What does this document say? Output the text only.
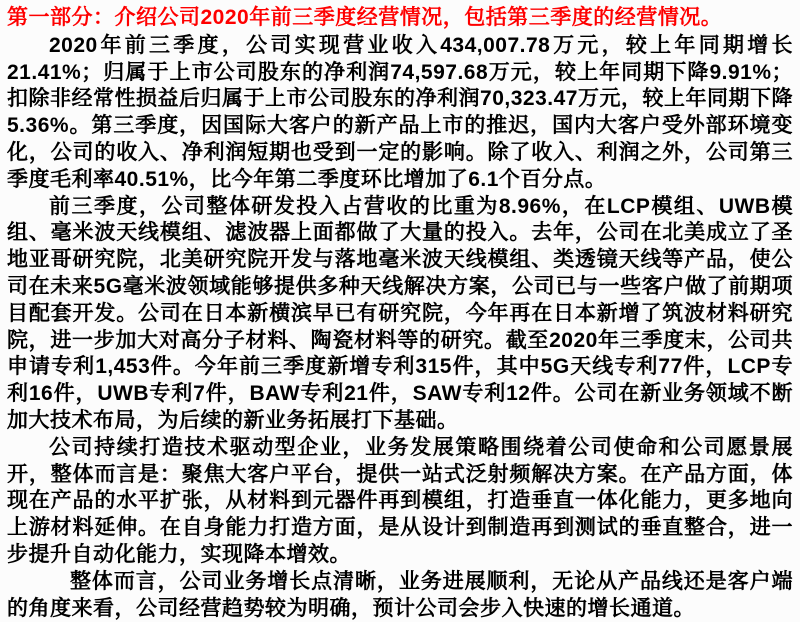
第一部分：介绍公司2020年前三季度经营情况，包括第三季度的经营情况。

2020年前三季度，公司实现营业收入434,007.78万元，较上年同期增长21.41%；归属于上市公司股东的净利润74,597.68万元，较上年同期下降9.91%；扣除非经常性损益后归属于上市公司股东的净利润70,323.47万元，较上年同期下降5.36%。第三季度，因国际大客户的新产品上市的推迟，国内大客户受外部环境变化，公司的收入、净利润短期也受到一定的影响。除了收入、利润之外，公司第三季度毛利率40.51%，比今年第二季度环比增加了6.1个百分点。

前三季度，公司整体研发投入占营收的比重为8.96%，在LCP模组、UWB模组、毫米波天线模组、滤波器上面都做了大量的投入。去年，公司在北美成立了圣地亚哥研究院，北美研究院开发与落地毫米波天线模组、类透镜天线等产品，使公司在未来5G毫米波领域能够提供多种天线解决方案，公司已与一些客户做了前期项目配套开发。公司在日本新横滨早已有研究院，今年再在日本新增了筑波材料研究院，进一步加大对高分子材料、陶瓷材料等的研究。截至2020年三季度末，公司共申请专利1,453件。今年前三季度新增专利315件，其中5G天线专利77件，LCP专利16件，UWB专利7件，BAW专利21件，SAW专利12件。公司在新业务领域不断加大技术布局，为后续的新业务拓展打下基础。

公司持续打造技术驱动型企业，业务发展策略围绕着公司使命和公司愿景展开，整体而言是：聚焦大客户平台，提供一站式泛射频解决方案。在产品方面，体现在产品的水平扩张，从材料到元器件再到模组，打造垂直一体化能力，更多地向上游材料延伸。在自身能力打造方面，是从设计到制造再到测试的垂直整合，进一步提升自动化能力，实现降本增效。

整体而言，公司业务增长点清晰，业务进展顺利，无论从产品线还是客户端的角度来看，公司经营趋势较为明确，预计公司会步入快速的增长通道。
